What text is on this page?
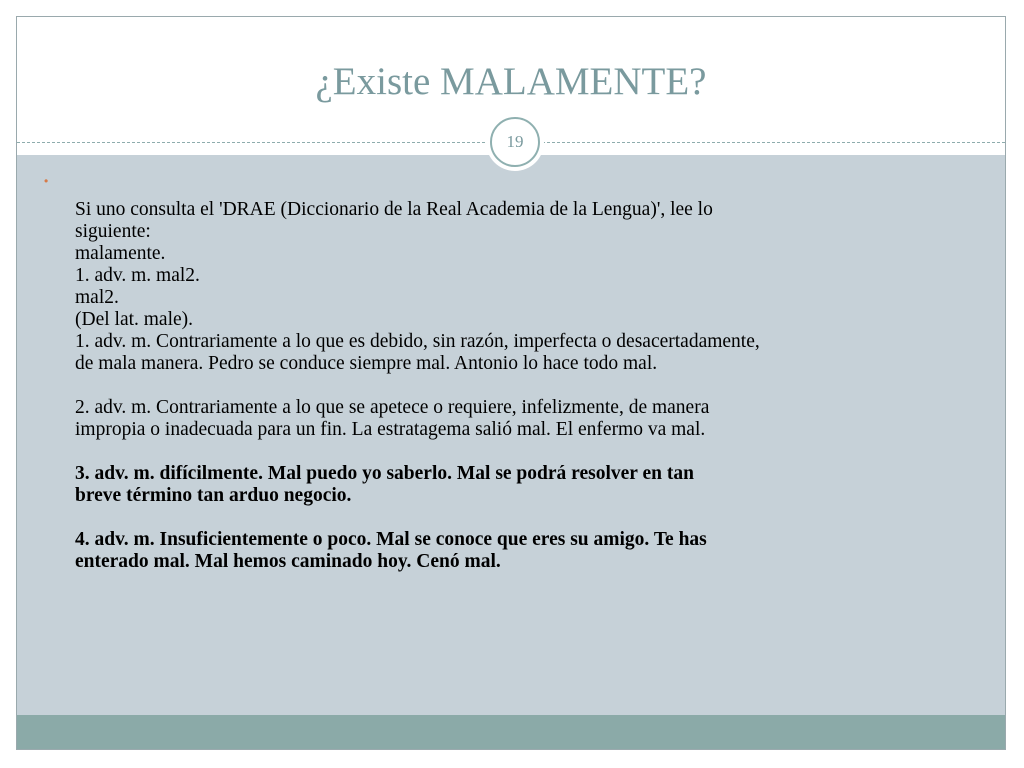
¿Existe MALAMENTE?
19
•

Si uno consulta el 'DRAE (Diccionario de la Real Academia de la Lengua)', lee lo

siguiente:

malamente.

1. adv. m. mal2.

mal2.

(Del lat. male).

1. adv. m. Contrariamente a lo que es debido, sin razón, imperfecta o desacertadamente,

de mala manera. Pedro se conduce siempre mal. Antonio lo hace todo mal.

2. adv. m. Contrariamente a lo que se apetece o requiere, infelizmente, de manera

impropia o inadecuada para un fin. La estratagema salió mal. El enfermo va mal.

3. adv. m. difícilmente. Mal puedo yo saberlo. Mal se podrá resolver en tan

breve término tan arduo negocio.

4. adv. m. Insuficientemente o poco. Mal se conoce que eres su amigo. Te has

enterado mal. Mal hemos caminado hoy. Cenó mal.
